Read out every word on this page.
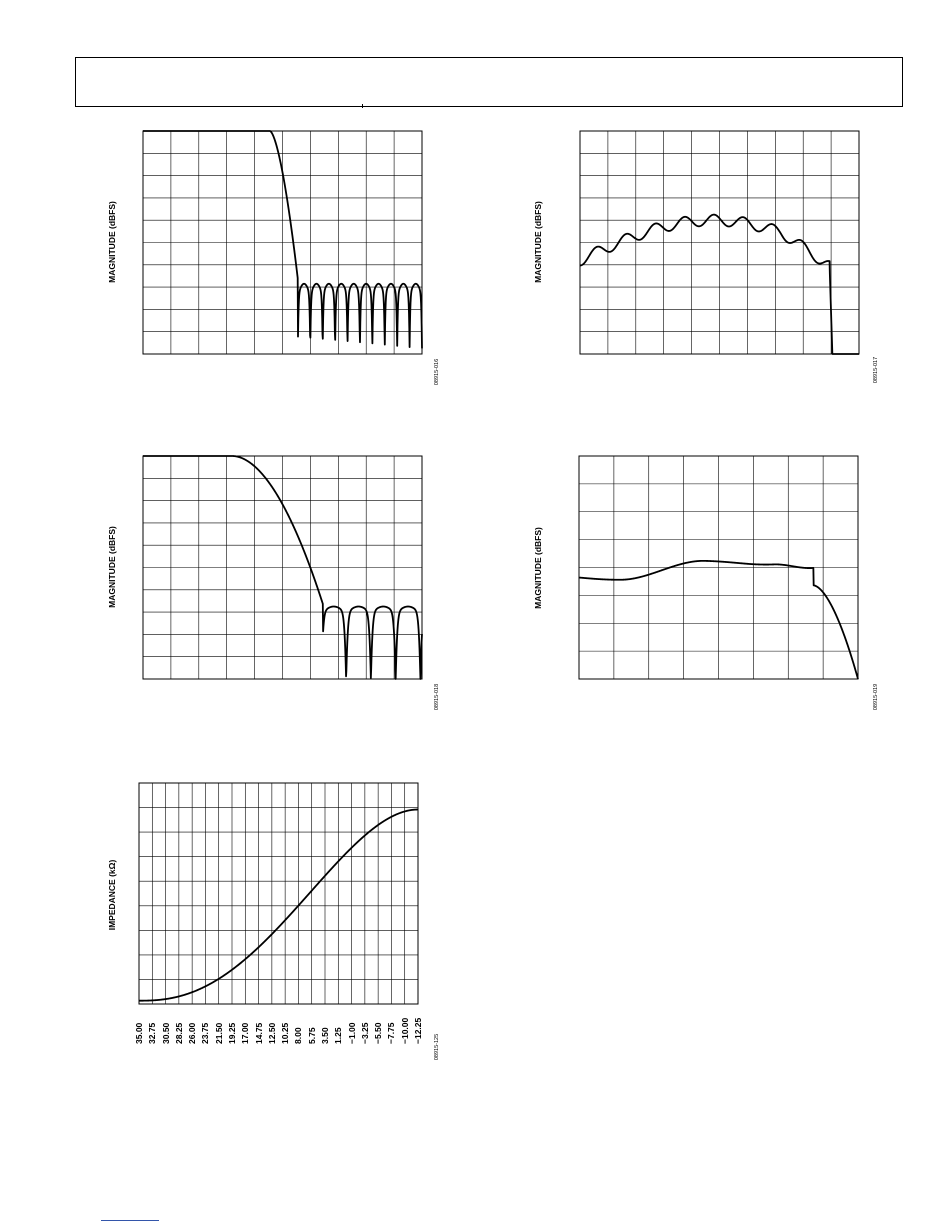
MAGNITUDE (dBFS)
08915-016
MAGNITUDE (dBFS)
08915-017
MAGNITUDE (dBFS)
08915-018
MAGNITUDE (dBFS)
08915-019
IMPEDANCE (kΩ)
08915-125
35.00 32.75 30.50 28.25 26.00 23.75 21.50 19.25 17.00 14.75 12.50 10.25 8.00 5.75 3.50 1.25 −1.00 −3.25 −5.50 −7.75 −10.00 −12.25
